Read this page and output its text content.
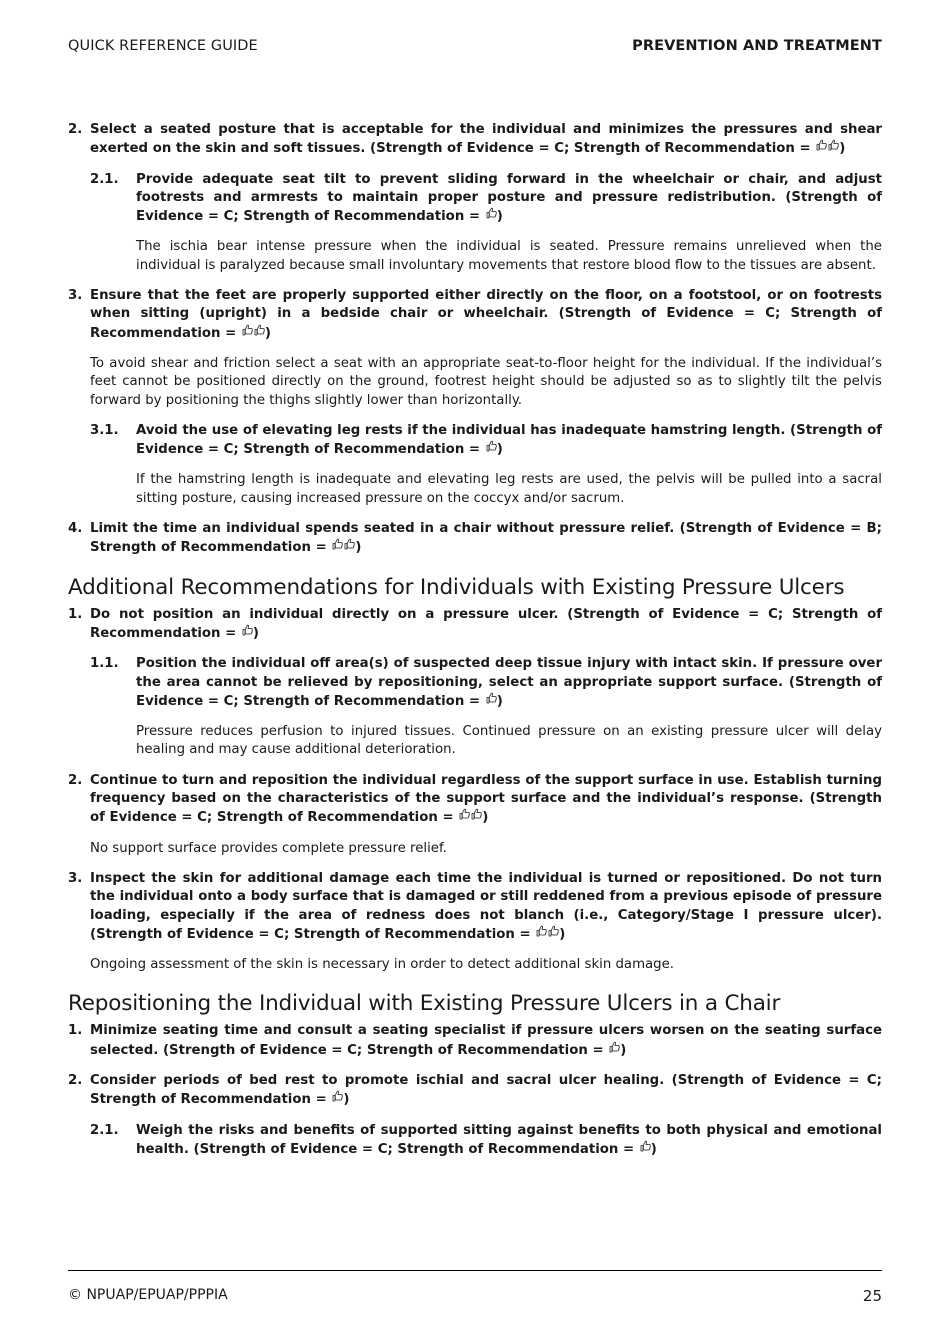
QUICK REFERENCE GUIDE	PREVENTION AND TREATMENT
2. Select a seated posture that is acceptable for the individual and minimizes the pressures and shear exerted on the skin and soft tissues. (Strength of Evidence = C; Strength of Recommendation =
)
2.1.	Provide adequate seat tilt to prevent sliding forward in the wheelchair or chair, and adjust footrests and armrests to maintain proper posture and pressure redistribution. (Strength of Evidence = C; Strength of Recommendation =
)
The ischia bear intense pressure when the individual is seated. Pressure remains unrelieved when the individual is paralyzed because small involuntary movements that restore blood flow to the tissues are absent.
3. Ensure that the feet are properly supported either directly on the floor, on a footstool, or on footrests when sitting (upright) in a bedside chair or wheelchair. (Strength of Evidence = C; Strength of Recommendation =
)
To avoid shear and friction select a seat with an appropriate seat-to-floor height for the individual. If the individual’s feet cannot be positioned directly on the ground, footrest height should be adjusted so as to slightly tilt the pelvis forward by positioning the thighs slightly lower than horizontally.
3.1.	Avoid the use of elevating leg rests if the individual has inadequate hamstring length. (Strength of Evidence = C; Strength of Recommendation =
)
If the hamstring length is inadequate and elevating leg rests are used, the pelvis will be pulled into a sacral sitting posture, causing increased pressure on the coccyx and/or sacrum.
4. Limit the time an individual spends seated in a chair without pressure relief. (Strength of Evidence = B; Strength of Recommendation =
)
Additional Recommendations for Individuals with Existing Pressure Ulcers
1. Do not position an individual directly on a pressure ulcer. (Strength of Evidence = C; Strength of Recommendation =
)
1.1.	Position the individual off area(s) of suspected deep tissue injury with intact skin. If pressure over the area cannot be relieved by repositioning, select an appropriate support surface. (Strength of Evidence = C; Strength of Recommendation =
)
Pressure reduces perfusion to injured tissues. Continued pressure on an existing pressure ulcer will delay healing and may cause additional deterioration.
2. Continue to turn and reposition the individual regardless of the support surface in use. Establish turning frequency based on the characteristics of the support surface and the individual’s response. (Strength of Evidence = C; Strength of Recommendation =
)
No support surface provides complete pressure relief.
3. Inspect the skin for additional damage each time the individual is turned or repositioned. Do not turn the individual onto a body surface that is damaged or still reddened from a previous episode of pressure loading, especially if the area of redness does not blanch (i.e., Category/Stage I pressure ulcer). (Strength of Evidence = C; Strength of Recommendation =
)
Ongoing assessment of the skin is necessary in order to detect additional skin damage.
Repositioning the Individual with Existing Pressure Ulcers in a Chair
1. Minimize seating time and consult a seating specialist if pressure ulcers worsen on the seating surface selected. (Strength of Evidence = C; Strength of Recommendation =
)
2. Consider periods of bed rest to promote ischial and sacral ulcer healing. (Strength of Evidence = C; Strength of Recommendation =
)
2.1.	Weigh the risks and benefits of supported sitting against benefits to both physical and emotional health. (Strength of Evidence = C; Strength of Recommendation =
)
© NPUAP/EPUAP/PPPIA	25
